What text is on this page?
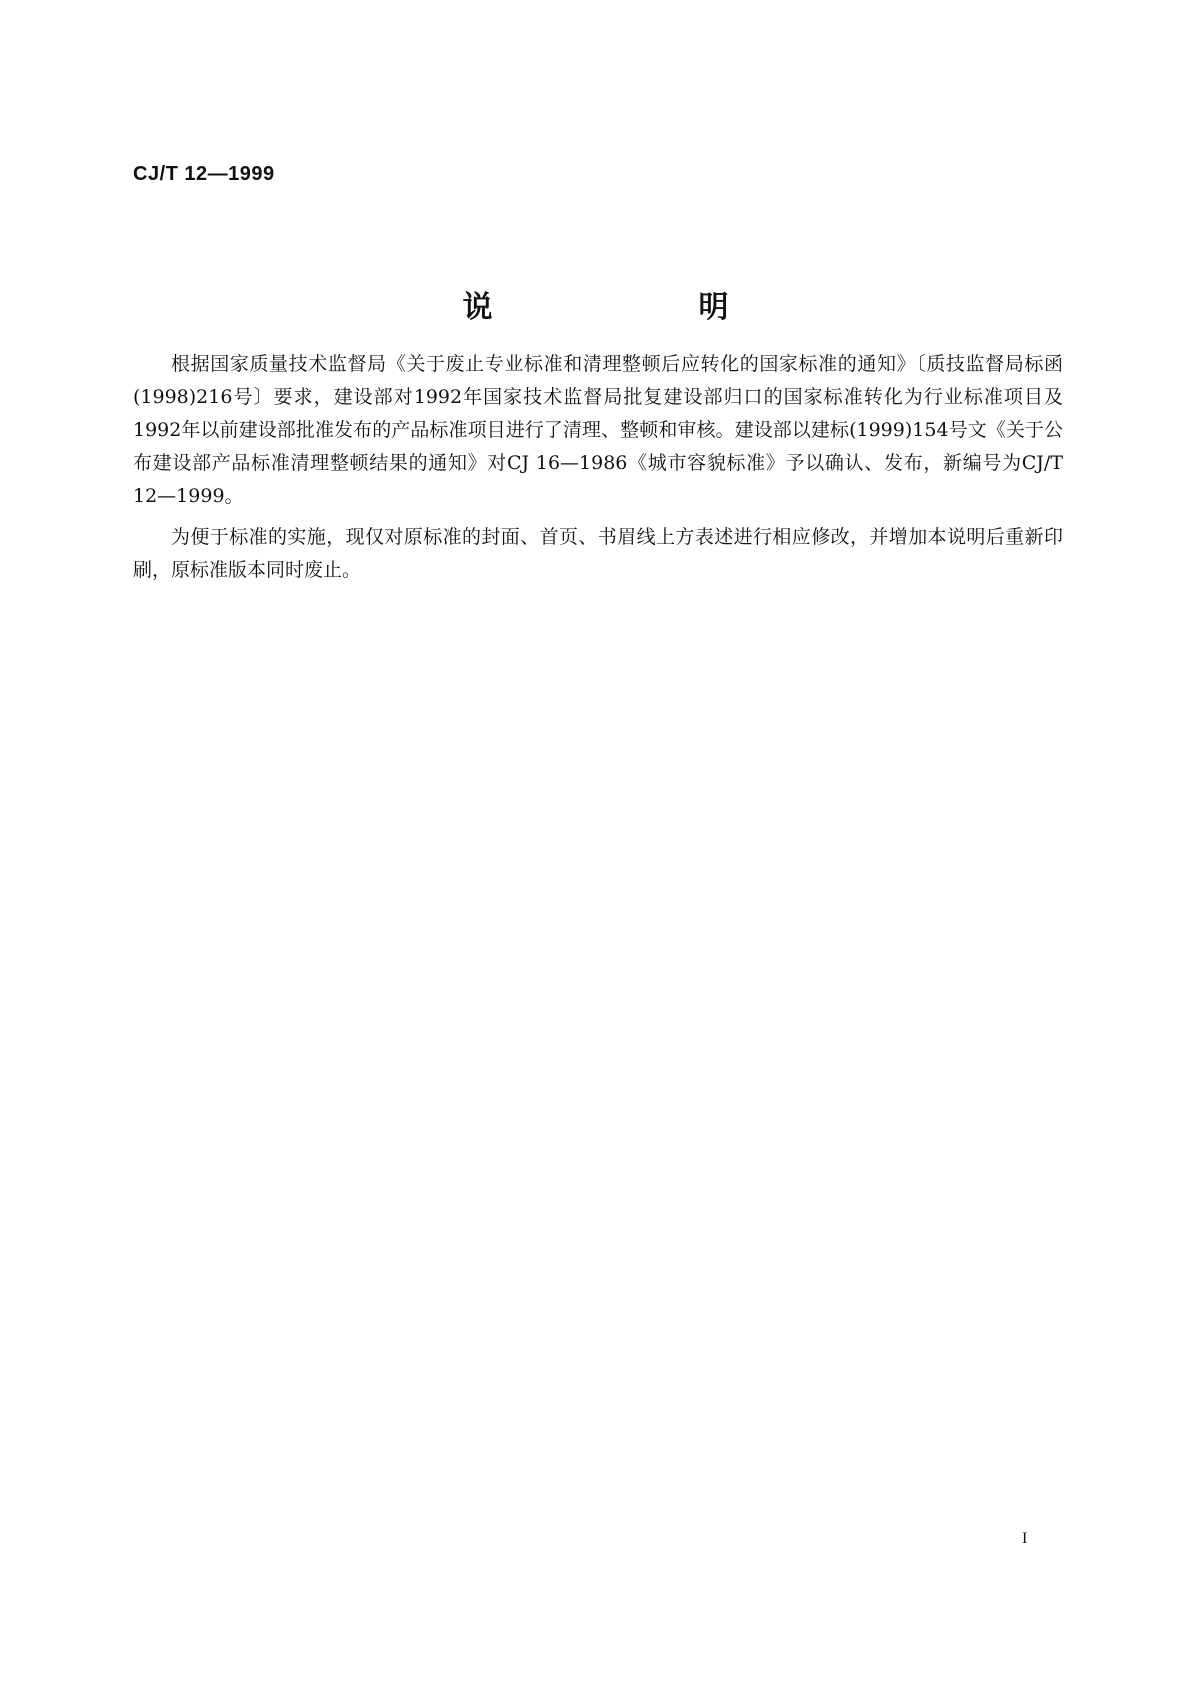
CJ/T 12—1999
说　明

根据国家质量技术监督局《关于废止专业标准和清理整顿后应转化的国家标准的通知》〔质技监督局标函(1998)216号〕要求，建设部对1992年国家技术监督局批复建设部归口的国家标准转化为行业标准项目及1992年以前建设部批准发布的产品标准项目进行了清理、整顿和审核。建设部以建标(1999)154号文《关于公布建设部产品标准清理整顿结果的通知》对CJ 16—1986《城市容貌标准》予以确认、发布，新编号为CJ/T 12—1999。

为便于标准的实施，现仅对原标准的封面、首页、书眉线上方表述进行相应修改，并增加本说明后重新印刷，原标准版本同时废止。

I
